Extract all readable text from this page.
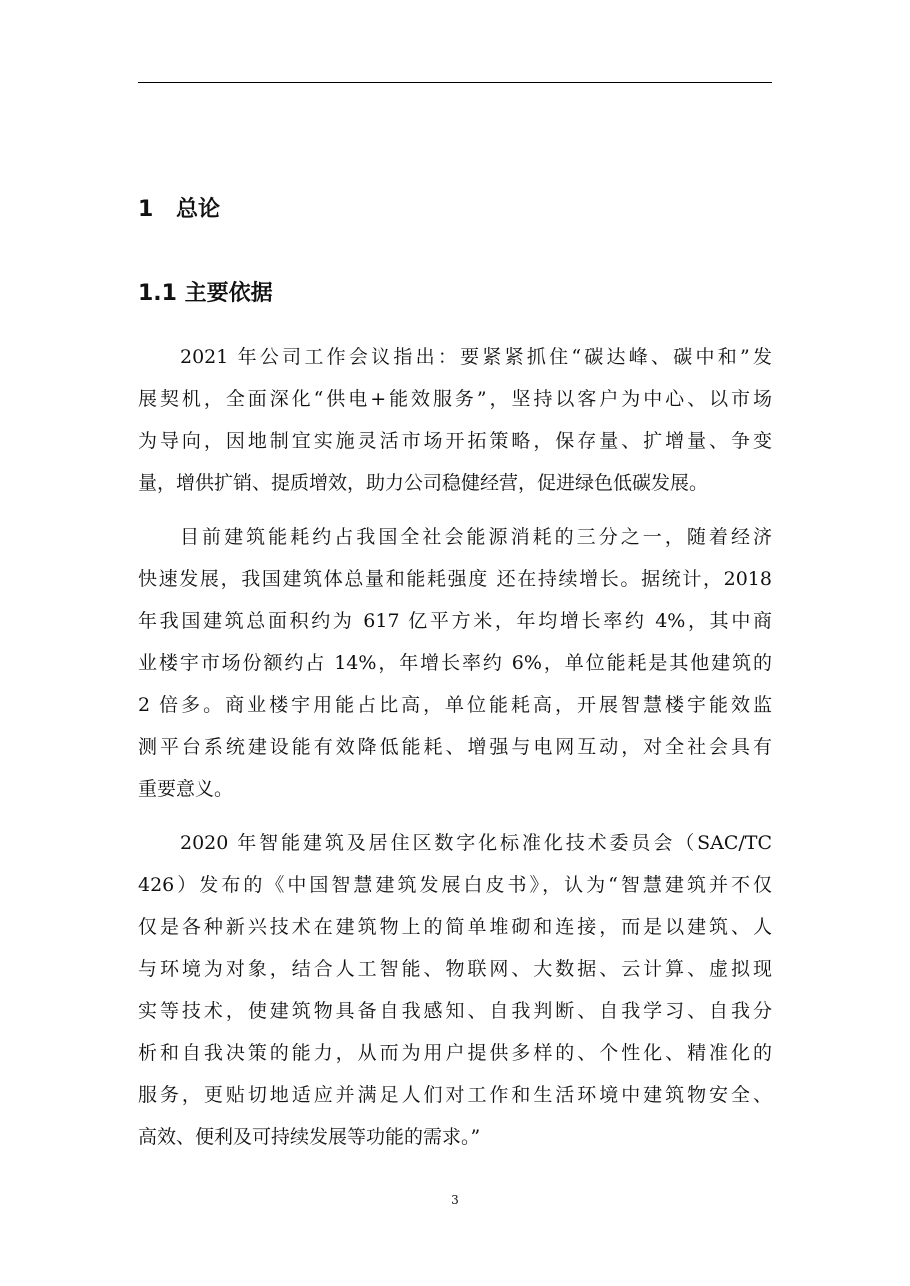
1 总论
1.1 主要依据
2021 年公司工作会议指出：要紧紧抓住“碳达峰、碳中和”发
展契机，全面深化“供电+能效服务”，坚持以客户为中心、以市场
为导向，因地制宜实施灵活市场开拓策略，保存量、扩增量、争变
量，增供扩销、提质增效，助力公司稳健经营，促进绿色低碳发展。
目前建筑能耗约占我国全社会能源消耗的三分之一，随着经济
快速发展，我国建筑体总量和能耗强度 还在持续增长。据统计，2018
年我国建筑总面积约为 617 亿平方米，年均增长率约 4%，其中商
业楼宇市场份额约占 14%，年增长率约 6%，单位能耗是其他建筑的
2 倍多。商业楼宇用能占比高，单位能耗高，开展智慧楼宇能效监
测平台系统建设能有效降低能耗、增强与电网互动，对全社会具有
重要意义。
2020 年智能建筑及居住区数字化标准化技术委员会（SAC/TC
426）发布的《中国智慧建筑发展白皮书》，认为“智慧建筑并不仅
仅是各种新兴技术在建筑物上的简单堆砌和连接，而是以建筑、人
与环境为对象，结合人工智能、物联网、大数据、云计算、虚拟现
实等技术，使建筑物具备自我感知、自我判断、自我学习、自我分
析和自我决策的能力，从而为用户提供多样的、个性化、精准化的
服务，更贴切地适应并满足人们对工作和生活环境中建筑物安全、
高效、便利及可持续发展等功能的需求。”
3
